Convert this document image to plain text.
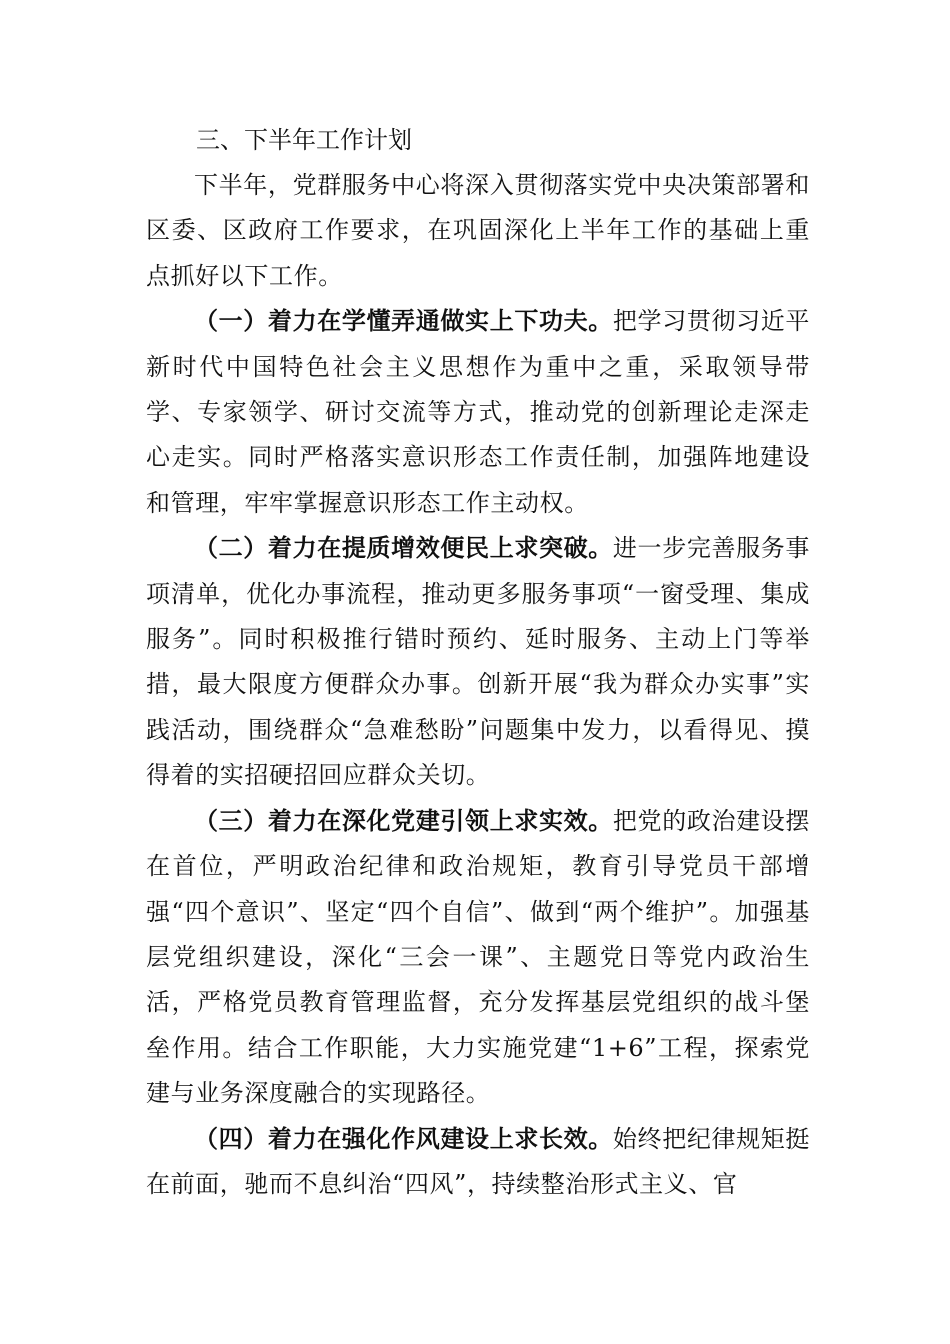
三、下半年工作计划

下半年，党群服务中心将深入贯彻落实党中央决策部署和区委、区政府工作要求，在巩固深化上半年工作的基础上重点抓好以下工作。

（一）着力在学懂弄通做实上下功夫。把学习贯彻习近平新时代中国特色社会主义思想作为重中之重，采取领导带学、专家领学、研讨交流等方式，推动党的创新理论走深走心走实。同时严格落实意识形态工作责任制，加强阵地建设和管理，牢牢掌握意识形态工作主动权。

（二）着力在提质增效便民上求突破。进一步完善服务事项清单，优化办事流程，推动更多服务事项“一窗受理、集成服务”。同时积极推行错时预约、延时服务、主动上门等举措，最大限度方便群众办事。创新开展“我为群众办实事”实践活动，围绕群众“急难愁盼”问题集中发力，以看得见、摸得着的实招硬招回应群众关切。

（三）着力在深化党建引领上求实效。把党的政治建设摆在首位，严明政治纪律和政治规矩，教育引导党员干部增强“四个意识”、坚定“四个自信”、做到“两个维护”。加强基层党组织建设，深化“三会一课”、主题党日等党内政治生活，严格党员教育管理监督，充分发挥基层党组织的战斗堡垒作用。结合工作职能，大力实施党建“1+6”工程，探索党建与业务深度融合的实现路径。

（四）着力在强化作风建设上求长效。始终把纪律规矩挺在前面，驰而不息纠治“四风”，持续整治形式主义、官
